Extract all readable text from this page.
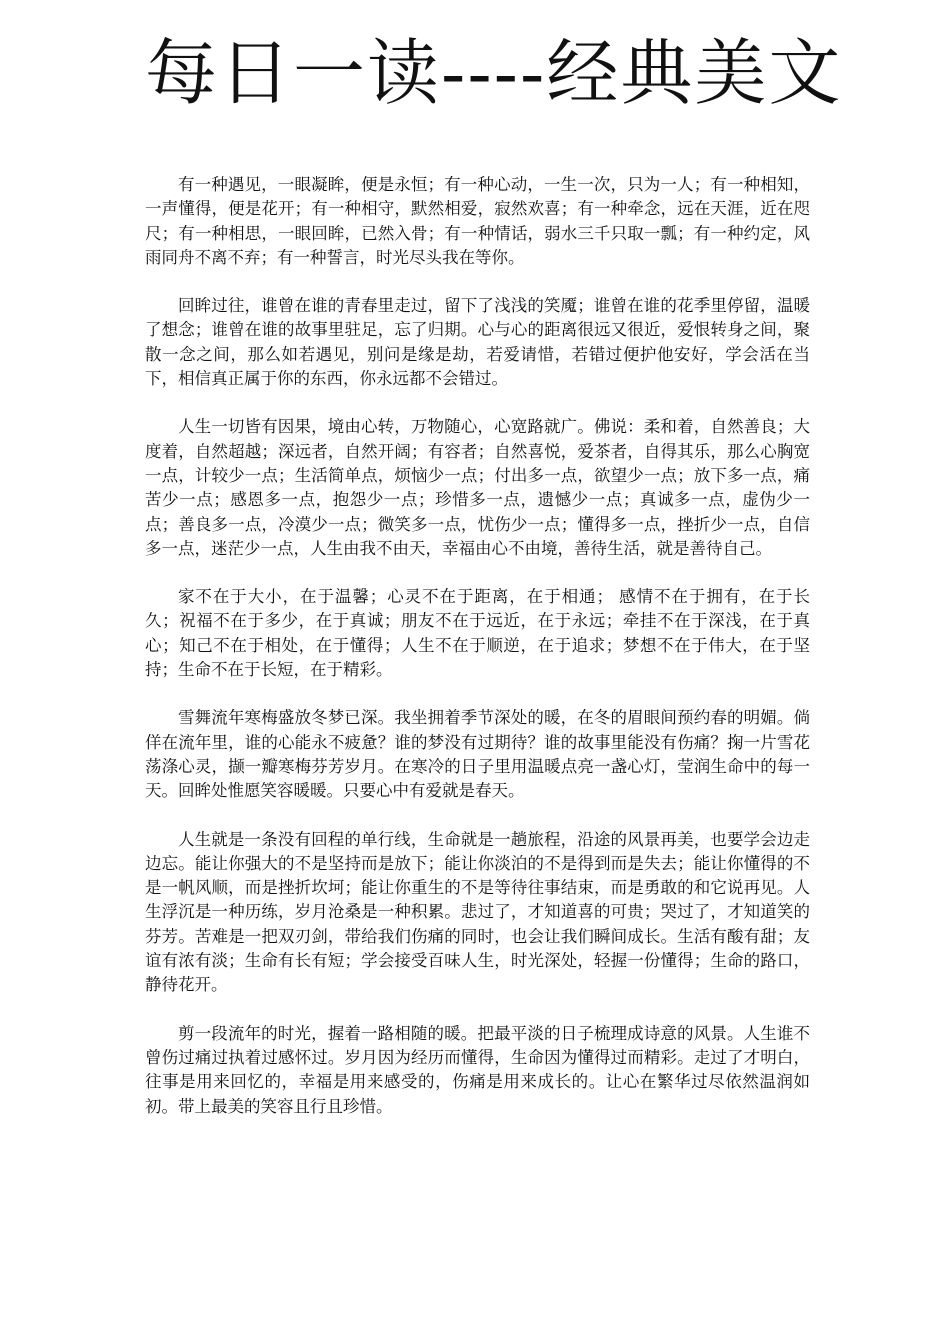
每日一读----经典美文

有一种遇见，一眼凝眸，便是永恒；有一种心动，一生一次，只为一人；有一种相知，一声懂得，便是花开；有一种相守，默然相爱，寂然欢喜；有一种牵念，远在天涯，近在咫尺；有一种相思，一眼回眸，已然入骨；有一种情话，弱水三千只取一瓢；有一种约定，风雨同舟不离不弃；有一种誓言，时光尽头我在等你。

回眸过往，谁曾在谁的青春里走过，留下了浅浅的笑魇；谁曾在谁的花季里停留，温暖了想念；谁曾在谁的故事里驻足，忘了归期。心与心的距离很远又很近，爱恨转身之间，聚散一念之间，那么如若遇见，别问是缘是劫，若爱请惜，若错过便护他安好，学会活在当下，相信真正属于你的东西，你永远都不会错过。

人生一切皆有因果，境由心转，万物随心，心宽路就广。佛说：柔和着，自然善良；大度着，自然超越；深远者，自然开阔；有容者；自然喜悦，爱茶者，自得其乐，那么心胸宽一点，计较少一点；生活简单点，烦恼少一点；付出多一点，欲望少一点；放下多一点，痛苦少一点；感恩多一点，抱怨少一点；珍惜多一点，遗憾少一点；真诚多一点，虚伪少一点；善良多一点，冷漠少一点；微笑多一点，忧伤少一点；懂得多一点，挫折少一点，自信多一点，迷茫少一点，人生由我不由天，幸福由心不由境，善待生活，就是善待自己。

家不在于大小，在于温馨；心灵不在于距离，在于相通； 感情不在于拥有，在于长久；祝福不在于多少，在于真诚；朋友不在于远近，在于永远；牵挂不在于深浅，在于真心；知己不在于相处，在于懂得；人生不在于顺逆，在于追求；梦想不在于伟大，在于坚持；生命不在于长短，在于精彩。

雪舞流年寒梅盛放冬梦已深。我坐拥着季节深处的暖，在冬的眉眼间预约春的明媚。倘佯在流年里，谁的心能永不疲惫？谁的梦没有过期待？谁的故事里能没有伤痛？掬一片雪花荡涤心灵，撷一瓣寒梅芬芳岁月。在寒冷的日子里用温暖点亮一盏心灯，莹润生命中的每一天。回眸处惟愿笑容暖暖。只要心中有爱就是春天。

人生就是一条没有回程的单行线，生命就是一趟旅程，沿途的风景再美，也要学会边走边忘。能让你强大的不是坚持而是放下；能让你淡泊的不是得到而是失去；能让你懂得的不是一帆风顺，而是挫折坎坷；能让你重生的不是等待往事结束，而是勇敢的和它说再见。人生浮沉是一种历练，岁月沧桑是一种积累。悲过了，才知道喜的可贵；哭过了，才知道笑的芬芳。苦难是一把双刃剑，带给我们伤痛的同时，也会让我们瞬间成长。生活有酸有甜；友谊有浓有淡；生命有长有短；学会接受百味人生，时光深处，轻握一份懂得；生命的路口，静待花开。

剪一段流年的时光，握着一路相随的暖。把最平淡的日子梳理成诗意的风景。人生谁不曾伤过痛过执着过感怀过。岁月因为经历而懂得，生命因为懂得过而精彩。走过了才明白，往事是用来回忆的，幸福是用来感受的，伤痛是用来成长的。让心在繁华过尽依然温润如初。带上最美的笑容且行且珍惜。
